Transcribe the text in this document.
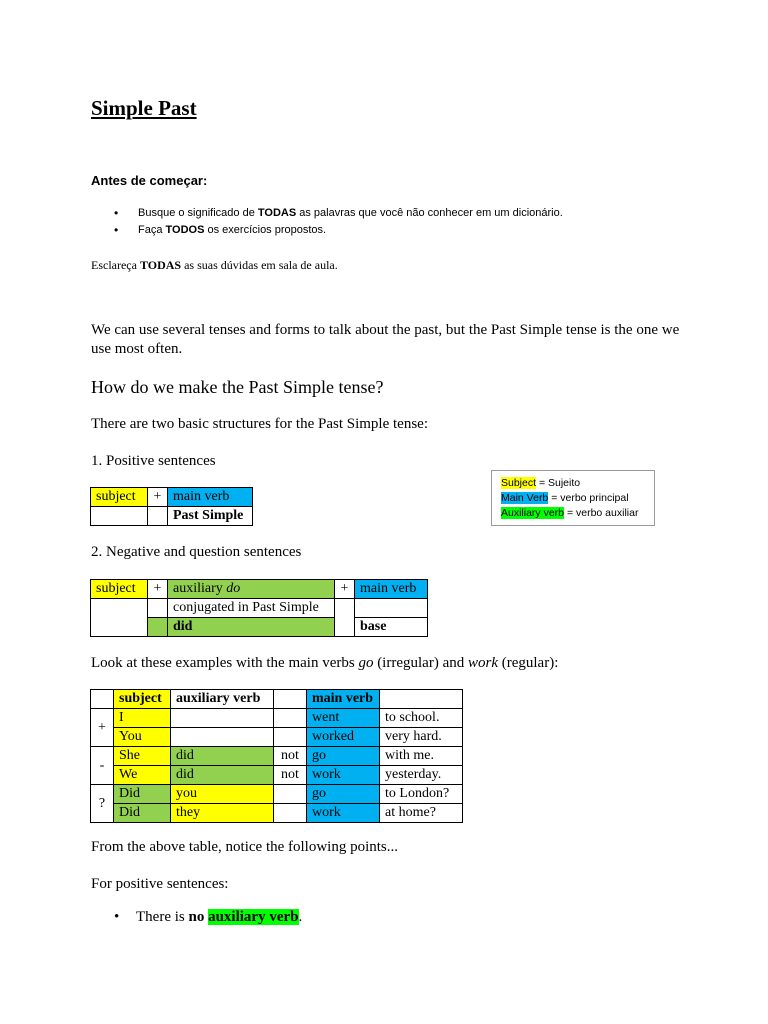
Simple Past
Antes de começar:
• Busque o significado de TODAS as palavras que você não conhecer em um dicionário.
• Faça TODOS os exercícios propostos.
Esclareça TODAS as suas dúvidas em sala de aula.
We can use several tenses and forms to talk about the past, but the Past Simple tense is the one we use most often.
How do we make the Past Simple tense?
There are two basic structures for the Past Simple tense:
1. Positive sentences
subject	+	main verb
		Past Simple
Subject = Sujeito
Main Verb = verbo principal
Auxiliary verb = verbo auxiliar
2. Negative and question sentences
subject	+	auxiliary do	+	main verb
		conjugated in Past Simple		
		did		base
Look at these examples with the main verbs go (irregular) and work (regular):
	subject	auxiliary verb		main verb	
+	I			went	to school.
	You			worked	very hard.
-	She	did	not	go	with me.
	We	did	not	work	yesterday.
?	Did	you		go	to London?
	Did	they		work	at home?
From the above table, notice the following points...
For positive sentences:
• There is no auxiliary verb.
